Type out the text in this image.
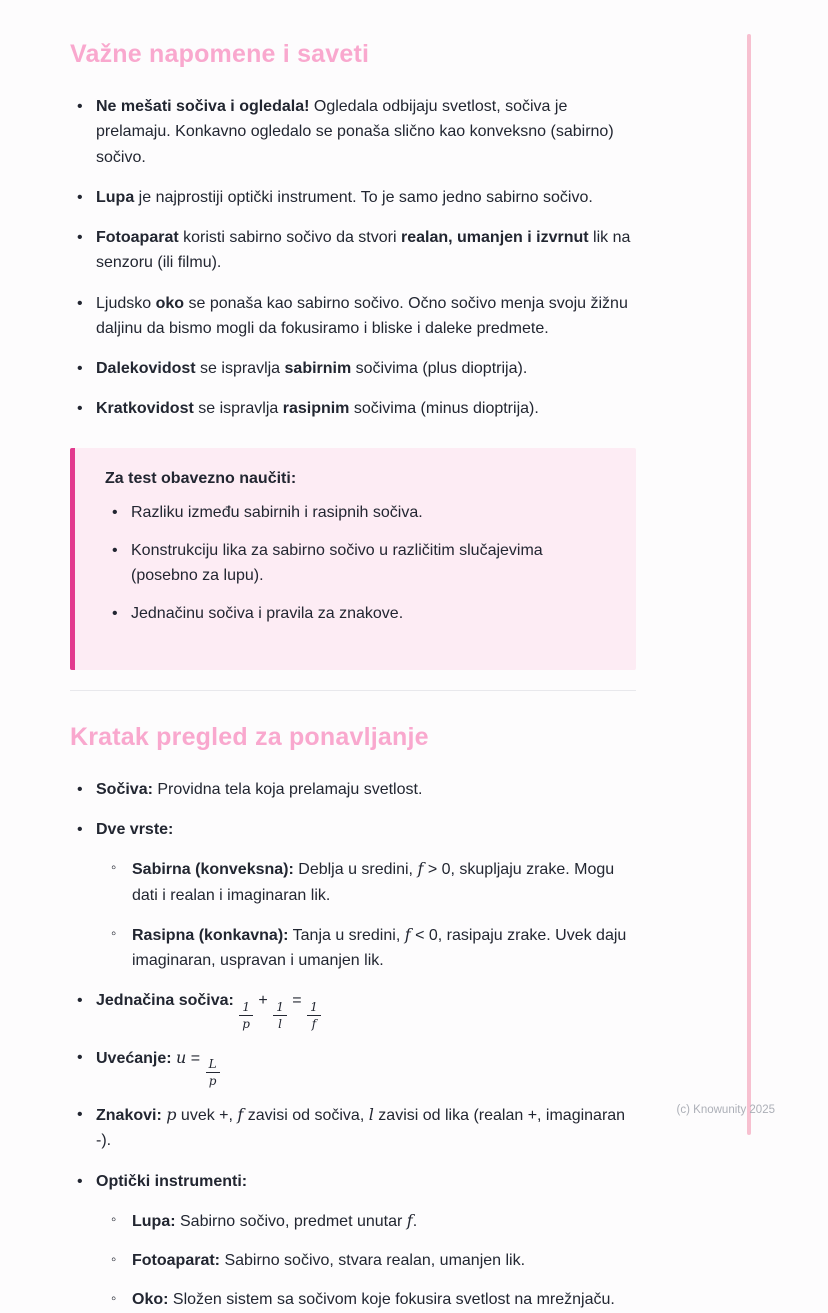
Važne napomene i saveti
• Ne mešati sočiva i ogledala! Ogledala odbijaju svetlost, sočiva je prelamaju. Konkavno ogledalo se ponaša slično kao konveksno (sabirno) sočivo.
• Lupa je najprostiji optički instrument. To je samo jedno sabirno sočivo.
• Fotoaparat koristi sabirno sočivo da stvori realan, umanjen i izvrnut lik na senzoru (ili filmu).
• Ljudsko oko se ponaša kao sabirno sočivo. Očno sočivo menja svoju žižnu daljinu da bismo mogli da fokusiramo i bliske i daleke predmete.
• Dalekovidost se ispravlja sabirnim sočivima (plus dioptrija).
• Kratkovidost se ispravlja rasipnim sočivima (minus dioptrija).
Za test obavezno naučiti:
• Razliku između sabirnih i rasipnih sočiva.
• Konstrukciju lika za sabirno sočivo u različitim slučajevima (posebno za lupu).
• Jednačinu sočiva i pravila za znakove.
Kratak pregled za ponavljanje
• Sočiva: Providna tela koja prelamaju svetlost.
• Dve vrste:
◦ Sabirna (konveksna): Deblja u sredini, f > 0, skupljaju zrake. Mogu dati i realan i imaginaran lik.
◦ Rasipna (konkavna): Tanja u sredini, f < 0, rasipaju zrake. Uvek daju imaginaran, uspravan i umanjen lik.
• Jednačina sočiva: $\frac{1}{p} + \frac{1}{l} = \frac{1}{f}$
• Uvećanje: $u = \frac{L}{p}$
• Znakovi: p uvek +, f zavisi od sočiva, l zavisi od lika (realan +, imaginaran -).
• Optički instrumenti:
◦ Lupa: Sabirno sočivo, predmet unutar f.
◦ Fotoaparat: Sabirno sočivo, stvara realan, umanjen lik.
◦ Oko: Složen sistem sa sočivom koje fokusira svetlost na mrežnjaču.
(c) Knowunity 2025
